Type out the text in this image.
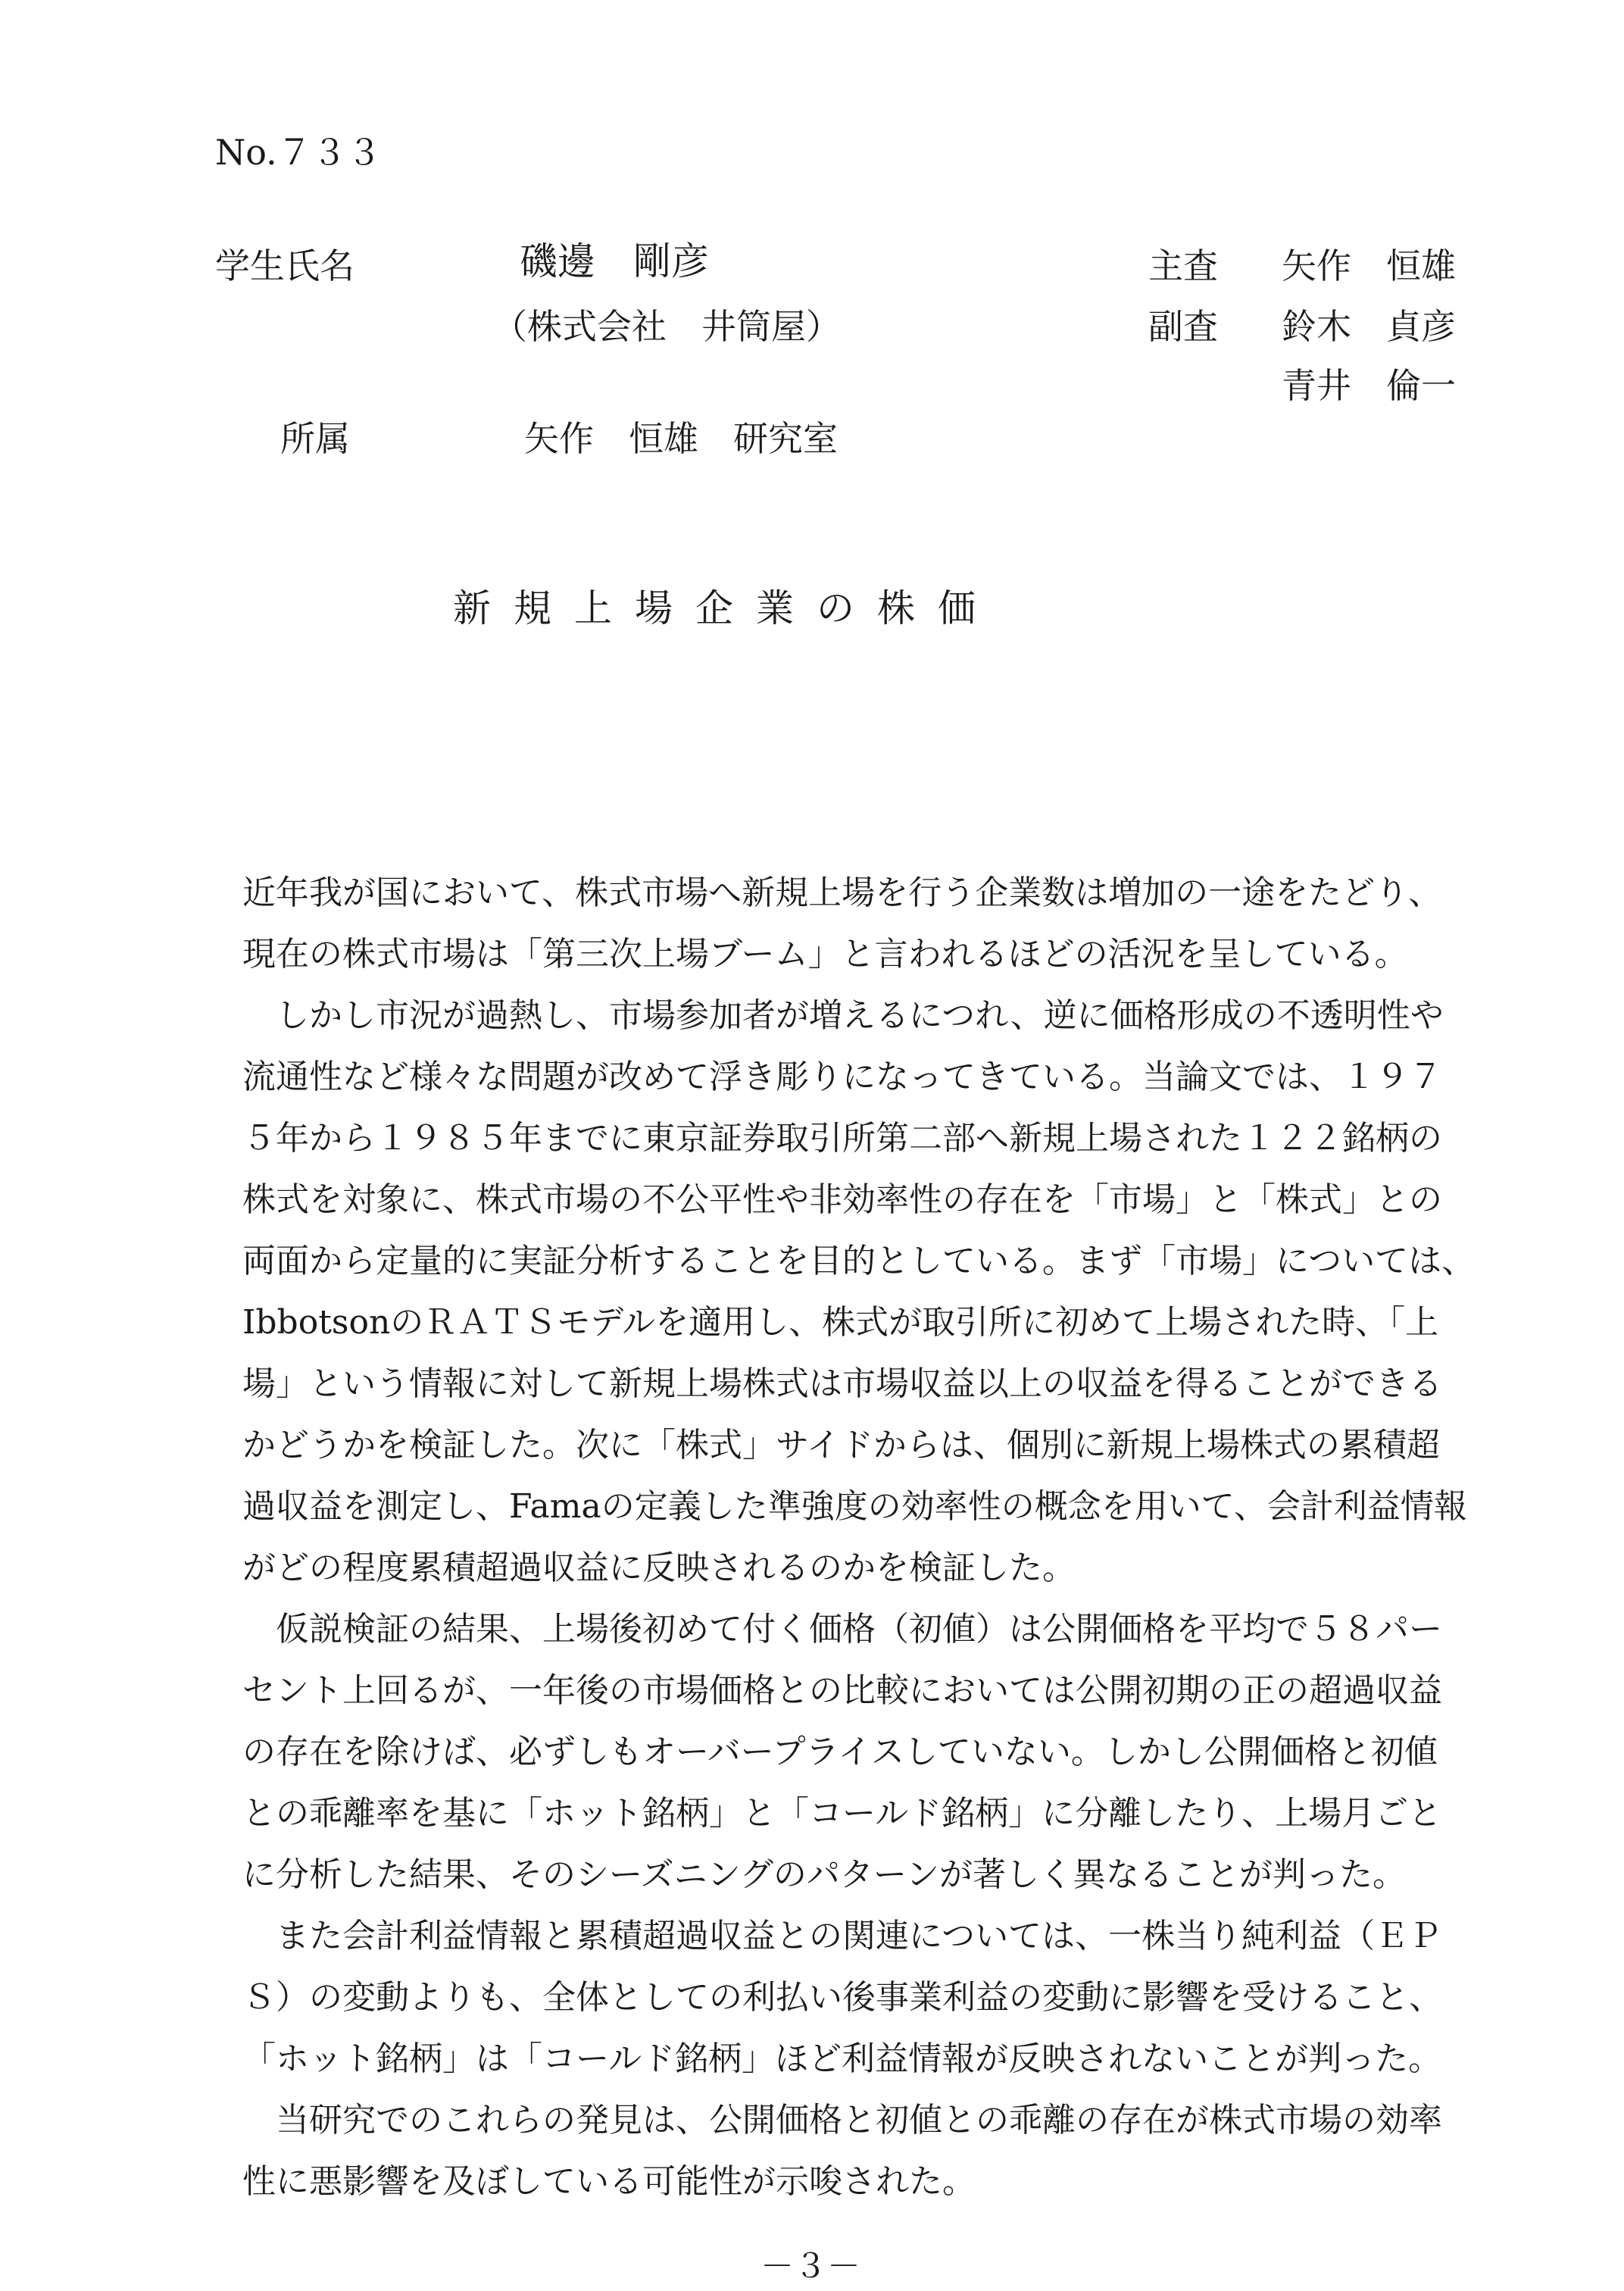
No.７３３
学生氏名	磯邊　剛彦
（株式会社　井筒屋）
所属	矢作　恒雄　研究室
主査 矢作　恒雄
副査 鈴木　貞彦
青井　倫一
新規上場企業の株価
近年我が国において、株式市場へ新規上場を行う企業数は増加の一途をたどり、
現在の株式市場は「第三次上場ブーム」と言われるほどの活況を呈している。
　しかし市況が過熱し、市場参加者が増えるにつれ、逆に価格形成の不透明性や
流通性など様々な問題が改めて浮き彫りになってきている。当論文では、１９７
５年から１９８５年までに東京証券取引所第二部へ新規上場された１２２銘柄の
株式を対象に、株式市場の不公平性や非効率性の存在を「市場」と「株式」との
両面から定量的に実証分析することを目的としている。まず「市場」については、
IbbotsonのＲＡＴＳモデルを適用し、株式が取引所に初めて上場された時、「上
場」という情報に対して新規上場株式は市場収益以上の収益を得ることができる
かどうかを検証した。次に「株式」サイドからは、個別に新規上場株式の累積超
過収益を測定し、Famaの定義した準強度の効率性の概念を用いて、会計利益情報
がどの程度累積超過収益に反映されるのかを検証した。
　仮説検証の結果、上場後初めて付く価格（初値）は公開価格を平均で５８パー
セント上回るが、一年後の市場価格との比較においては公開初期の正の超過収益
の存在を除けば、必ずしもオーバープライスしていない。しかし公開価格と初値
との乖離率を基に「ホット銘柄」と「コールド銘柄」に分離したり、上場月ごと
に分析した結果、そのシーズニングのパターンが著しく異なることが判った。
　また会計利益情報と累積超過収益との関連については、一株当り純利益（ＥＰ
Ｓ）の変動よりも、全体としての利払い後事業利益の変動に影響を受けること、
「ホット銘柄」は「コールド銘柄」ほど利益情報が反映されないことが判った。
　当研究でのこれらの発見は、公開価格と初値との乖離の存在が株式市場の効率
性に悪影響を及ぼしている可能性が示唆された。
－３－
